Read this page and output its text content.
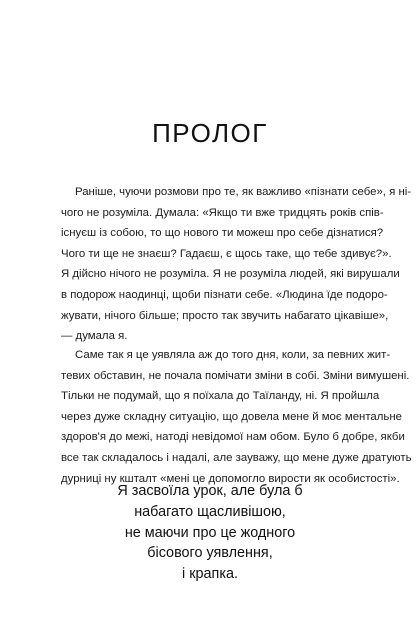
ПРОЛОГ
Раніше, чуючи розмови про те, як важливо «пізнати себе», я ні-
чого не розуміла. Думала: «Якщо ти вже тридцять років спів-
існуєш із собою, то що нового ти можеш про себе дізнатися?
Чого ти ще не знаєш? Гадаєш, є щось таке, що тебе здивує?».
Я дійсно нічого не розуміла. Я не розуміла людей, які вирушали
в подорож наодинці, щоби пізнати себе. «Людина їде подоро-
жувати, нічого більше; просто так звучить набагато цікавіше»,
— думала я.
Саме так я це уявляла аж до того дня, коли, за певних жит-
тевих обставин, не почала помічати зміни в собі. Зміни вимушені.
Тільки не подумай, що я поїхала до Таїланду, ні. Я пройшла
через дуже складну ситуацію, що довела мене й моє ментальне
здоров'я до межі, натоді невідомої нам обом. Було б добре, якби
все так складалось і надалі, але зауважу, що мене дуже дратують
дурниці ну кшталт «мені це допомогло вирости як особистості».
Я засвоїла урок, але була б
набагато щасливішою,
не маючи про це жодного
бісового уявлення,
і крапка.
